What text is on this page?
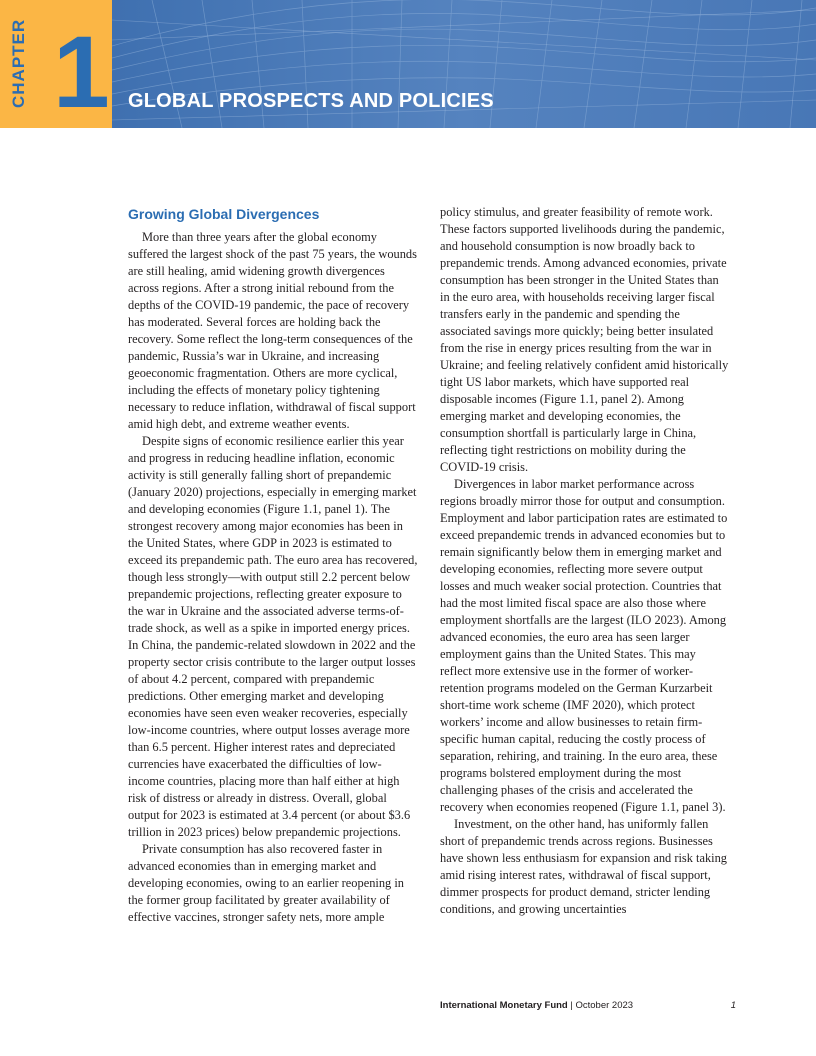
CHAPTER 1 GLOBAL PROSPECTS AND POLICIES
Growing Global Divergences

More than three years after the global economy suffered the largest shock of the past 75 years, the wounds are still healing, amid widening growth divergences across regions. After a strong initial rebound from the depths of the COVID-19 pandemic, the pace of recovery has moderated. Several forces are holding back the recovery. Some reflect the long-term consequences of the pandemic, Russia’s war in Ukraine, and increasing geoeconomic fragmentation. Others are more cyclical, including the effects of monetary policy tightening necessary to reduce inflation, withdrawal of fiscal support amid high debt, and extreme weather events.

Despite signs of economic resilience earlier this year and progress in reducing headline inflation, economic activity is still generally falling short of prepandemic (January 2020) projections, especially in emerging market and developing economies (Figure 1.1, panel 1). The strongest recovery among major economies has been in the United States, where GDP in 2023 is estimated to exceed its prepandemic path. The euro area has recovered, though less strongly—with output still 2.2 percent below prepandemic projections, reflecting greater exposure to the war in Ukraine and the associated adverse terms-of-trade shock, as well as a spike in imported energy prices. In China, the pandemic-related slowdown in 2022 and the property sector crisis contribute to the larger output losses of about 4.2 percent, compared with prepandemic predictions. Other emerging market and developing economies have seen even weaker recoveries, especially low-income countries, where output losses average more than 6.5 percent. Higher interest rates and depreciated currencies have exacerbated the difficulties of low-income countries, placing more than half either at high risk of distress or already in distress. Overall, global output for 2023 is estimated at 3.4 percent (or about $3.6 trillion in 2023 prices) below prepandemic projections.

Private consumption has also recovered faster in advanced economies than in emerging market and developing economies, owing to an earlier reopening in the former group facilitated by greater availability of effective vaccines, stronger safety nets, more ample

policy stimulus, and greater feasibility of remote work. These factors supported livelihoods during the pandemic, and household consumption is now broadly back to prepandemic trends. Among advanced economies, private consumption has been stronger in the United States than in the euro area, with households receiving larger fiscal transfers early in the pandemic and spending the associated savings more quickly; being better insulated from the rise in energy prices resulting from the war in Ukraine; and feeling relatively confident amid historically tight US labor markets, which have supported real disposable incomes (Figure 1.1, panel 2). Among emerging market and developing economies, the consumption shortfall is particularly large in China, reflecting tight restrictions on mobility during the COVID-19 crisis.

Divergences in labor market performance across regions broadly mirror those for output and consumption. Employment and labor participation rates are estimated to exceed prepandemic trends in advanced economies but to remain significantly below them in emerging market and developing economies, reflecting more severe output losses and much weaker social protection. Countries that had the most limited fiscal space are also those where employment shortfalls are the largest (ILO 2023). Among advanced economies, the euro area has seen larger employment gains than the United States. This may reflect more extensive use in the former of worker-retention programs modeled on the German Kurzarbeit short-time work scheme (IMF 2020), which protect workers’ income and allow businesses to retain firm-specific human capital, reducing the costly process of separation, rehiring, and training. In the euro area, these programs bolstered employment during the most challenging phases of the crisis and accelerated the recovery when economies reopened (Figure 1.1, panel 3).

Investment, on the other hand, has uniformly fallen short of prepandemic trends across regions. Businesses have shown less enthusiasm for expansion and risk taking amid rising interest rates, withdrawal of fiscal support, dimmer prospects for product demand, stricter lending conditions, and growing uncertainties

International Monetary Fund | October 2023	1
